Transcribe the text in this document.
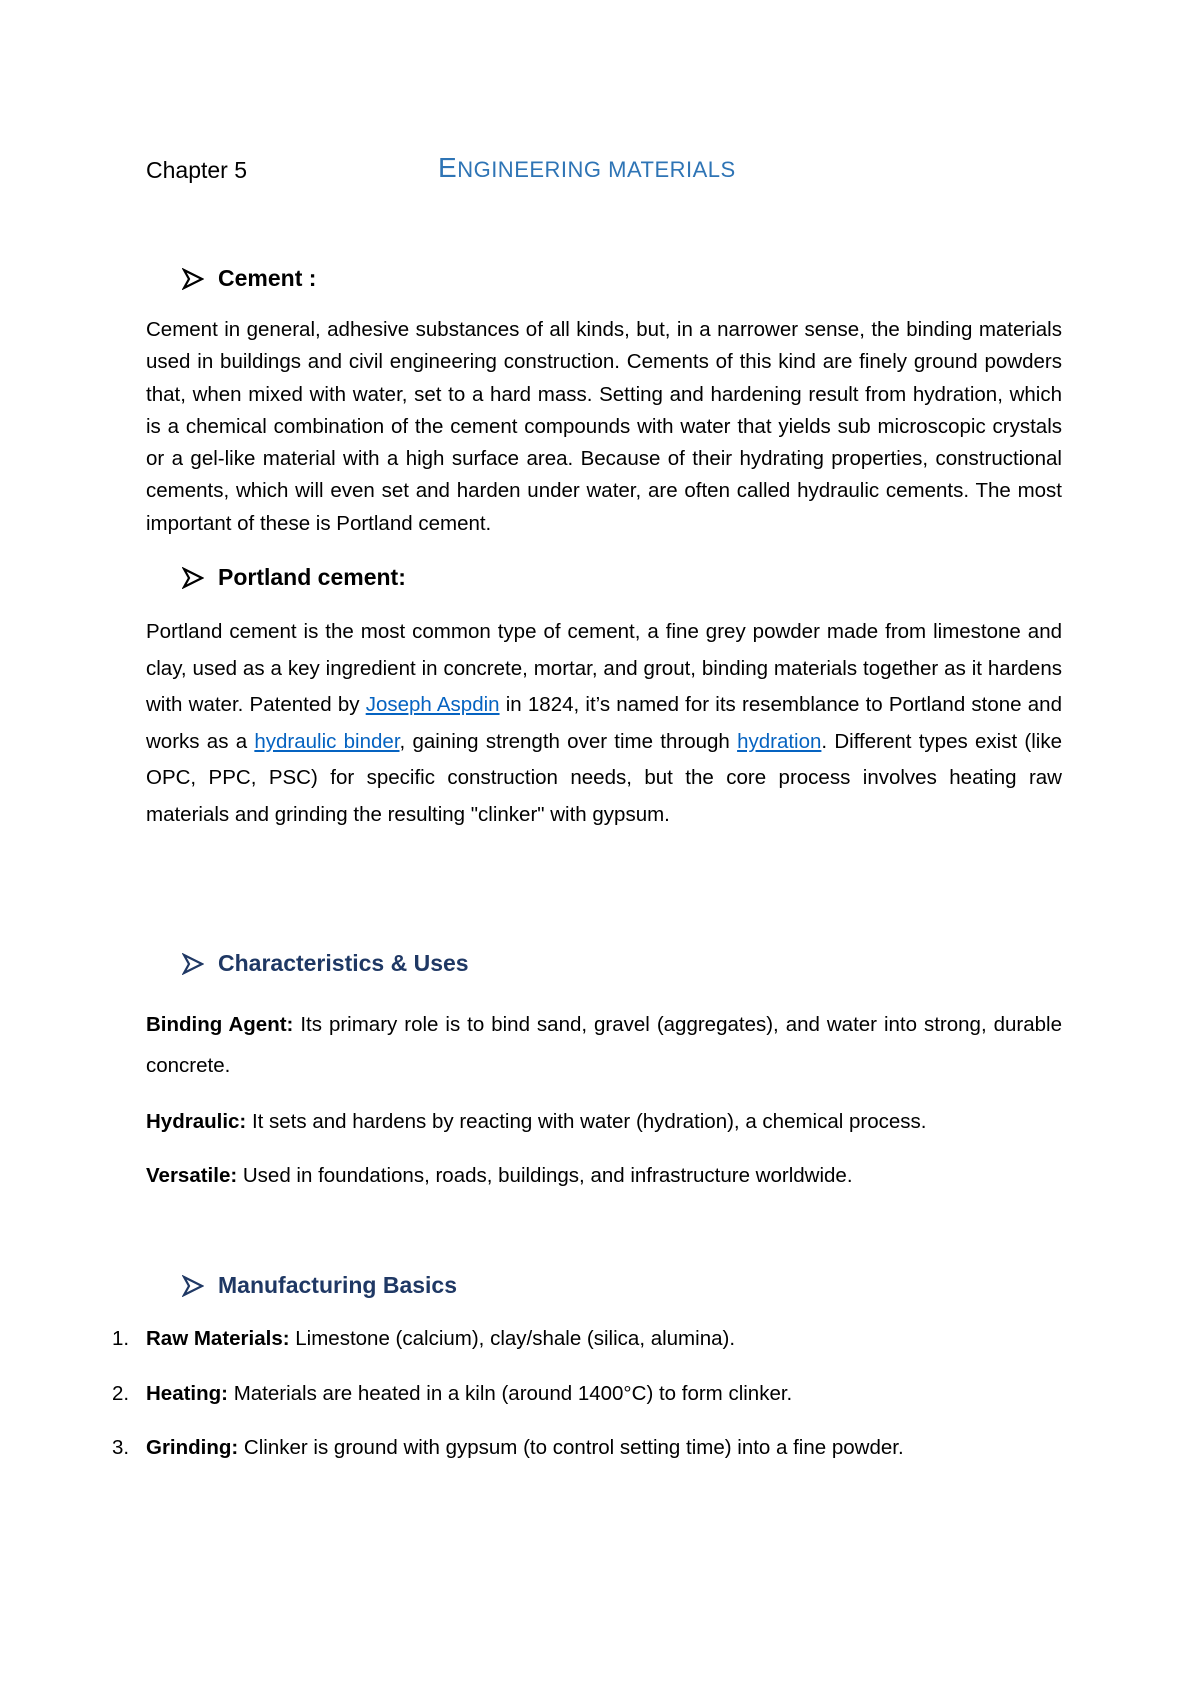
Chapter 5	ENGINEERING MATERIALS
Cement :

Cement in general, adhesive substances of all kinds, but, in a narrower sense, the binding materials used in buildings and civil engineering construction. Cements of this kind are finely ground powders that, when mixed with water, set to a hard mass. Setting and hardening result from hydration, which is a chemical combination of the cement compounds with water that yields sub microscopic crystals or a gel-like material with a high surface area. Because of their hydrating properties, constructional cements, which will even set and harden under water, are often called hydraulic cements. The most important of these is Portland cement.

Portland cement:

Portland cement is the most common type of cement, a fine grey powder made from limestone and clay, used as a key ingredient in concrete, mortar, and grout, binding materials together as it hardens with water. Patented by Joseph Aspdin in 1824, it’s named for its resemblance to Portland stone and works as a hydraulic binder, gaining strength over time through hydration. Different types exist (like OPC, PPC, PSC) for specific construction needs, but the core process involves heating raw materials and grinding the resulting "clinker" with gypsum.

Characteristics & Uses

Binding Agent: Its primary role is to bind sand, gravel (aggregates), and water into strong, durable concrete.

Hydraulic: It sets and hardens by reacting with water (hydration), a chemical process.

Versatile: Used in foundations, roads, buildings, and infrastructure worldwide.

Manufacturing Basics
1. Raw Materials: Limestone (calcium), clay/shale (silica, alumina).
2. Heating: Materials are heated in a kiln (around 1400°C) to form clinker.
3. Grinding: Clinker is ground with gypsum (to control setting time) into a fine powder.
